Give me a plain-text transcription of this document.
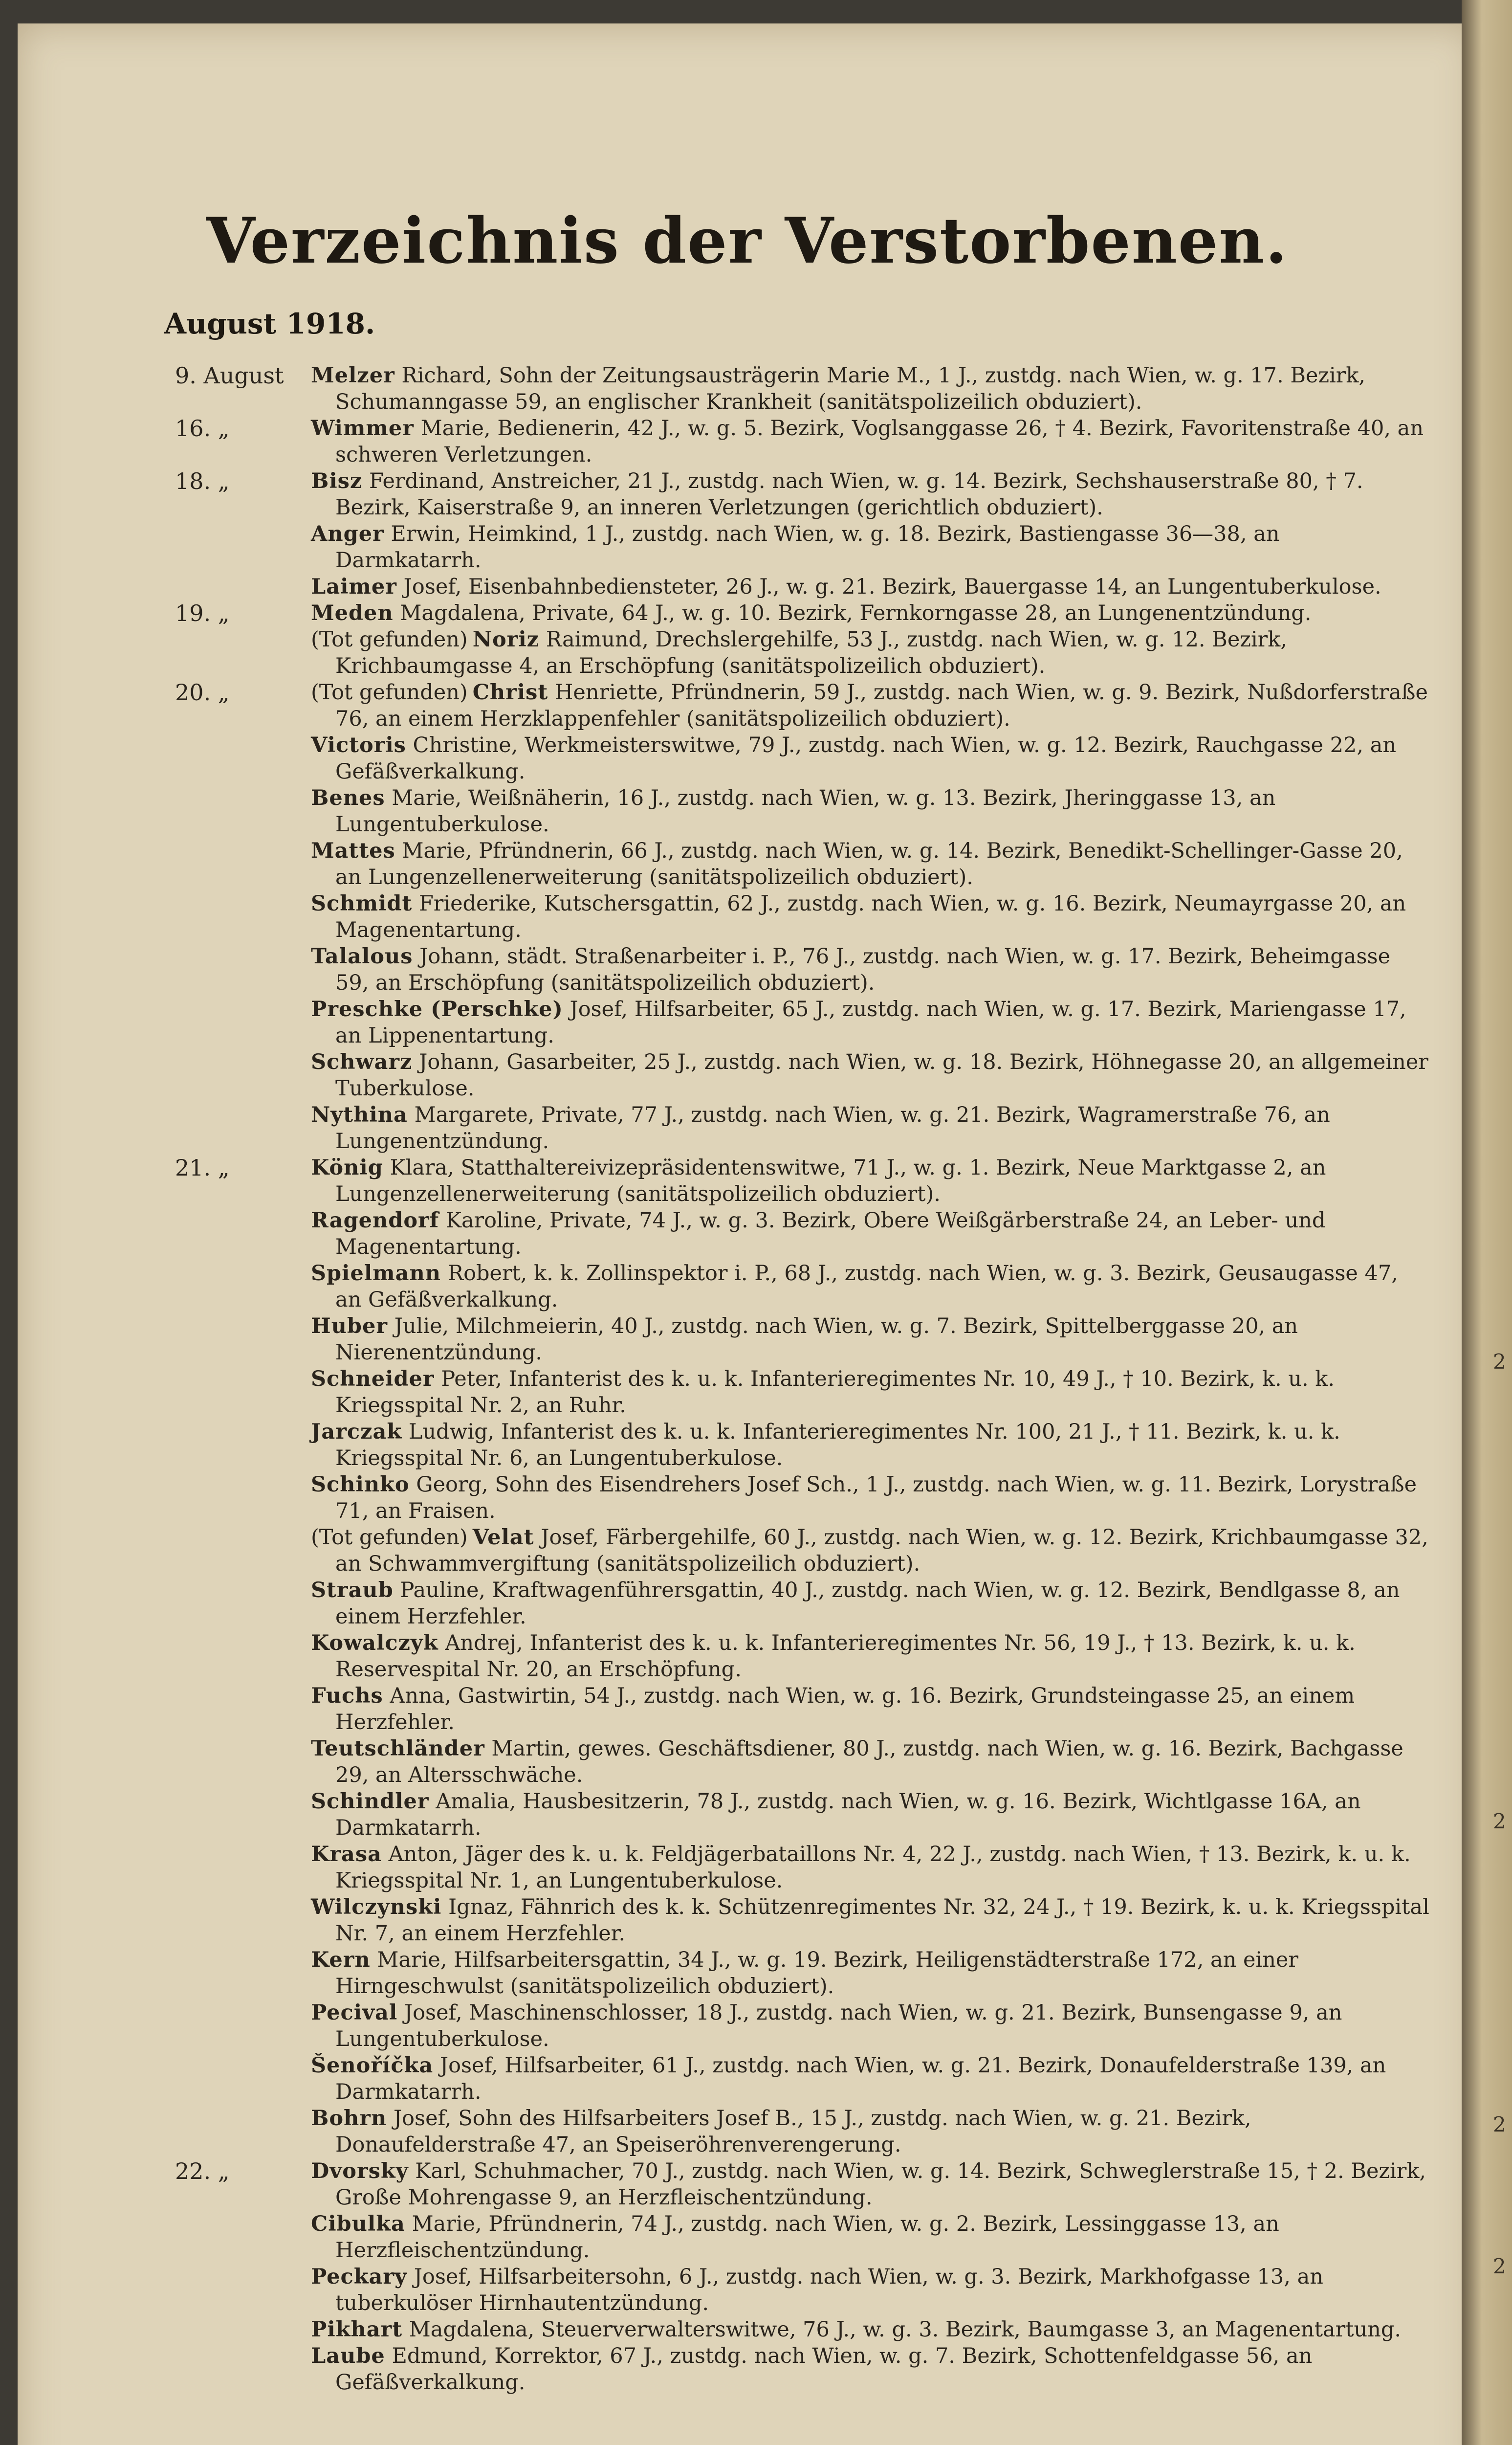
Verzeichnis der Verstorbenen.
August 1918.
9. August Melzer Richard, Sohn der Zeitungsausträgerin Marie M., 1 J., zustdg. nach Wien, w. g. 17. Bezirk, Schumanngasse 59, an englischer Krankheit (sanitätspolizeilich obduziert).
16. „	Wimmer Marie, Bedienerin, 42 J., w. g. 5. Bezirk, Voglsanggasse 26, † 4. Bezirk, Favoritenstraße 40, an schweren Verletzungen.
18. „	Bisz Ferdinand, Anstreicher, 21 J., zustdg. nach Wien, w. g. 14. Bezirk, Sechshauserstraße 80, † 7. Bezirk, Kaiserstraße 9, an inneren Verletzungen (gerichtlich obduziert).
Anger Erwin, Heimkind, 1 J., zustdg. nach Wien, w. g. 18. Bezirk, Bastiengasse 36—38, an Darmkatarrh.
Laimer Josef, Eisenbahnbediensteter, 26 J., w. g. 21. Bezirk, Bauergasse 14, an Lungentuberkulose.
19. „	Meden Magdalena, Private, 64 J., w. g. 10. Bezirk, Fernkorngasse 28, an Lungenentzündung.
(Tot gefunden) Noriz Raimund, Drechslergehilfe, 53 J., zustdg. nach Wien, w. g. 12. Bezirk, Krichbaumgasse 4, an Erschöpfung (sanitätspolizeilich obduziert).
20. „	(Tot gefunden) Christ Henriette, Pfründnerin, 59 J., zustdg. nach Wien, w. g. 9. Bezirk, Nußdorferstraße 76, an einem Herzklappenfehler (sanitätspolizeilich obduziert).
Victoris Christine, Werkmeisterswitwe, 79 J., zustdg. nach Wien, w. g. 12. Bezirk, Rauchgasse 22, an Gefäßverkalkung.
Benes Marie, Weißnäherin, 16 J., zustdg. nach Wien, w. g. 13. Bezirk, Jheringgasse 13, an Lungentuberkulose.
Mattes Marie, Pfründnerin, 66 J., zustdg. nach Wien, w. g. 14. Bezirk, Benedikt-Schellinger-Gasse 20, an Lungenzellenerweiterung (sanitätspolizeilich obduziert).
Schmidt Friederike, Kutschersgattin, 62 J., zustdg. nach Wien, w. g. 16. Bezirk, Neumayrgasse 20, an Magenentartung.
Talalous Johann, städt. Straßenarbeiter i. P., 76 J., zustdg. nach Wien, w. g. 17. Bezirk, Beheimgasse 59, an Erschöpfung (sanitätspolizeilich obduziert).
Preschke (Perschke) Josef, Hilfsarbeiter, 65 J., zustdg. nach Wien, w. g. 17. Bezirk, Mariengasse 17, an Lippenentartung.
Schwarz Johann, Gasarbeiter, 25 J., zustdg. nach Wien, w. g. 18. Bezirk, Höhnegasse 20, an allgemeiner Tuberkulose.
Nythina Margarete, Private, 77 J., zustdg. nach Wien, w. g. 21. Bezirk, Wagramerstraße 76, an Lungenentzündung.
21. „	König Klara, Statthaltereivizepräsidentenswitwe, 71 J., w. g. 1. Bezirk, Neue Marktgasse 2, an Lungenzellenerweiterung (sanitätspolizeilich obduziert).
Ragendorf Karoline, Private, 74 J., w. g. 3. Bezirk, Obere Weißgärberstraße 24, an Leber- und Magenentartung.
Spielmann Robert, k. k. Zollinspektor i. P., 68 J., zustdg. nach Wien, w. g. 3. Bezirk, Geusaugasse 47, an Gefäßverkalkung.
Huber Julie, Milchmeierin, 40 J., zustdg. nach Wien, w. g. 7. Bezirk, Spittelberggasse 20, an Nierenentzündung.
Schneider Peter, Infanterist des k. u. k. Infanterieregimentes Nr. 10, 49 J., † 10. Bezirk, k. u. k. Kriegsspital Nr. 2, an Ruhr.
Jarczak Ludwig, Infanterist des k. u. k. Infanterieregimentes Nr. 100, 21 J., † 11. Bezirk, k. u. k. Kriegsspital Nr. 6, an Lungentuberkulose.
Schinko Georg, Sohn des Eisendrehers Josef Sch., 1 J., zustdg. nach Wien, w. g. 11. Bezirk, Lorystraße 71, an Fraisen.
(Tot gefunden) Velat Josef, Färbergehilfe, 60 J., zustdg. nach Wien, w. g. 12. Bezirk, Krichbaumgasse 32, an Schwammvergiftung (sanitätspolizeilich obduziert).
Straub Pauline, Kraftwagenführersgattin, 40 J., zustdg. nach Wien, w. g. 12. Bezirk, Bendlgasse 8, an einem Herzfehler.
Kowalczyk Andrej, Infanterist des k. u. k. Infanterieregimentes Nr. 56, 19 J., † 13. Bezirk, k. u. k. Reservespital Nr. 20, an Erschöpfung.
Fuchs Anna, Gastwirtin, 54 J., zustdg. nach Wien, w. g. 16. Bezirk, Grundsteingasse 25, an einem Herzfehler.
Teutschländer Martin, gewes. Geschäftsdiener, 80 J., zustdg. nach Wien, w. g. 16. Bezirk, Bachgasse 29, an Altersschwäche.
Schindler Amalia, Hausbesitzerin, 78 J., zustdg. nach Wien, w. g. 16. Bezirk, Wichtlgasse 16A, an Darmkatarrh.
Krasa Anton, Jäger des k. u. k. Feldjägerbataillons Nr. 4, 22 J., zustdg. nach Wien, † 13. Bezirk, k. u. k. Kriegsspital Nr. 1, an Lungentuberkulose.
Wilczynski Ignaz, Fähnrich des k. k. Schützenregimentes Nr. 32, 24 J., † 19. Bezirk, k. u. k. Kriegsspital Nr. 7, an einem Herzfehler.
Kern Marie, Hilfsarbeitersgattin, 34 J., w. g. 19. Bezirk, Heiligenstädterstraße 172, an einer Hirngeschwulst (sanitätspolizeilich obduziert).
Pecival Josef, Maschinenschlosser, 18 J., zustdg. nach Wien, w. g. 21. Bezirk, Bunsengasse 9, an Lungentuberkulose.
Šenoříčka Josef, Hilfsarbeiter, 61 J., zustdg. nach Wien, w. g. 21. Bezirk, Donaufelderstraße 139, an Darmkatarrh.
Bohrn Josef, Sohn des Hilfsarbeiters Josef B., 15 J., zustdg. nach Wien, w. g. 21. Bezirk, Donaufelderstraße 47, an Speiseröhrenverengerung.
22. „	Dvorsky Karl, Schuhmacher, 70 J., zustdg. nach Wien, w. g. 14. Bezirk, Schweglerstraße 15, † 2. Bezirk, Große Mohrengasse 9, an Herzfleischentzündung.
Cibulka Marie, Pfründnerin, 74 J., zustdg. nach Wien, w. g. 2. Bezirk, Lessinggasse 13, an Herzfleischentzündung.
Peckary Josef, Hilfsarbeitersohn, 6 J., zustdg. nach Wien, w. g. 3. Bezirk, Markhofgasse 13, an tuberkulöser Hirnhautentzündung.
Pikhart Magdalena, Steuerverwalterswitwe, 76 J., w. g. 3. Bezirk, Baumgasse 3, an Magenentartung.
Laube Edmund, Korrektor, 67 J., zustdg. nach Wien, w. g. 7. Bezirk, Schottenfeldgasse 56, an Gefäßverkalkung.
2
2
2
2
